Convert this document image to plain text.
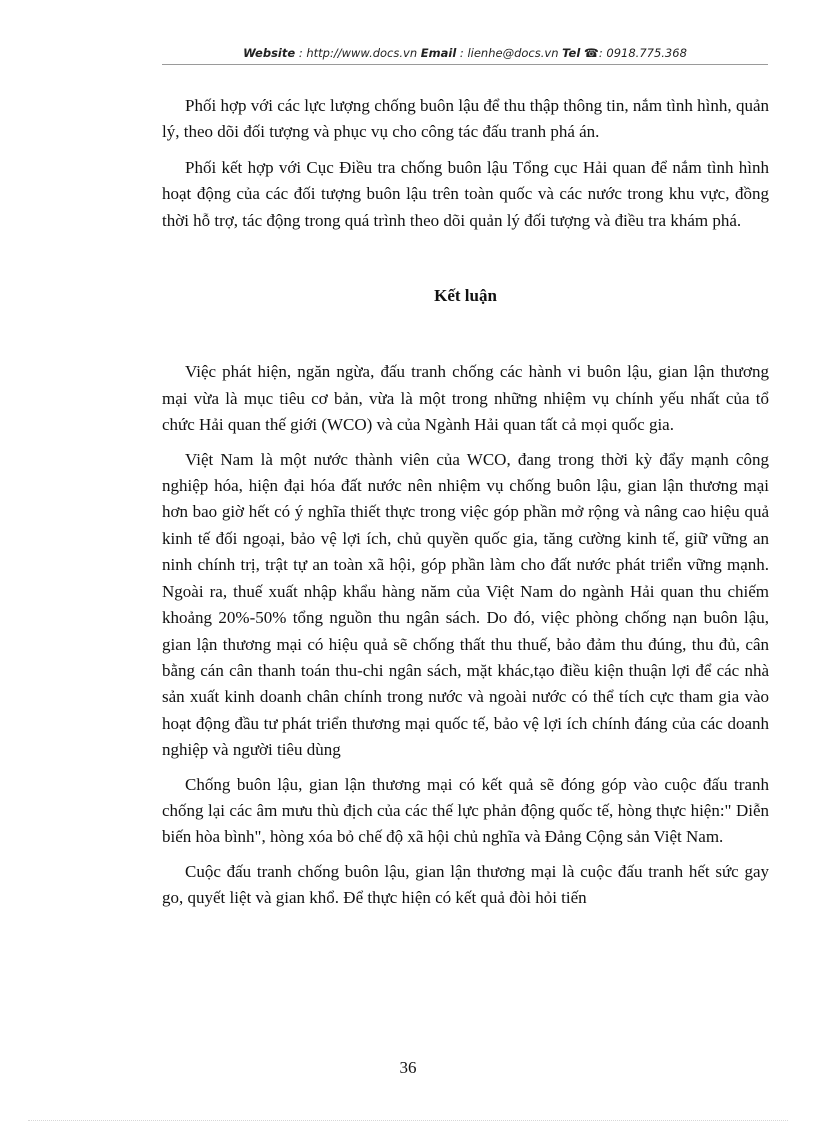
Website : http://www.docs.vn Email : lienhe@docs.vn Tel ☎: 0918.775.368

Phối hợp với các lực lượng chống buôn lậu để thu thập thông tin, nắm tình hình, quản lý, theo dõi đối tượng và phục vụ cho công tác đấu tranh phá án.

Phối kết hợp với Cục Điều tra chống buôn lậu Tổng cục Hải quan để nắm tình hình hoạt động của các đối tượng buôn lậu trên toàn quốc và các nước trong khu vực, đồng thời hỗ trợ, tác động trong quá trình theo dõi quản lý đối tượng và điều tra khám phá.

Kết luận

Việc phát hiện, ngăn ngừa, đấu tranh chống các hành vi buôn lậu, gian lận thương mại vừa là mục tiêu cơ bản, vừa là một trong những nhiệm vụ chính yếu nhất của tổ chức Hải quan thế giới (WCO) và của Ngành Hải quan tất cả mọi quốc gia.

Việt Nam là một nước thành viên của WCO, đang trong thời kỳ đẩy mạnh công nghiệp hóa, hiện đại hóa đất nước nên nhiệm vụ chống buôn lậu, gian lận thương mại hơn bao giờ hết có ý nghĩa thiết thực trong việc góp phần mở rộng và nâng cao hiệu quả kinh tế đối ngoại, bảo vệ lợi ích, chủ quyền quốc gia, tăng cường kinh tế, giữ vững an ninh chính trị, trật tự an toàn xã hội, góp phần làm cho đất nước phát triển vững mạnh. Ngoài ra, thuế xuất nhập khẩu hàng năm của Việt Nam do ngành Hải quan thu chiếm khoảng 20%-50% tổng nguồn thu ngân sách. Do đó, việc phòng chống nạn buôn lậu, gian lận thương mại có hiệu quả sẽ chống thất thu thuế, bảo đảm thu đúng, thu đủ, cân bằng cán cân thanh toán thu-chi ngân sách, mặt khác,tạo điều kiện thuận lợi để các nhà sản xuất kinh doanh chân chính trong nước và ngoài nước có thể tích cực tham gia vào hoạt động đầu tư phát triển thương mại quốc tế, bảo vệ lợi ích chính đáng của các doanh nghiệp và người tiêu dùng

Chống buôn lậu, gian lận thương mại có kết quả sẽ đóng góp vào cuộc đấu tranh chống lại các âm mưu thù địch của các thế lực phản động quốc tế, hòng thực hiện:" Diễn biến hòa bình", hòng xóa bỏ chế độ xã hội chủ nghĩa và Đảng Cộng sản Việt Nam.

Cuộc đấu tranh chống buôn lậu, gian lận thương mại là cuộc đấu tranh hết sức gay go, quyết liệt và gian khổ. Để thực hiện có kết quả đòi hỏi tiến

36
